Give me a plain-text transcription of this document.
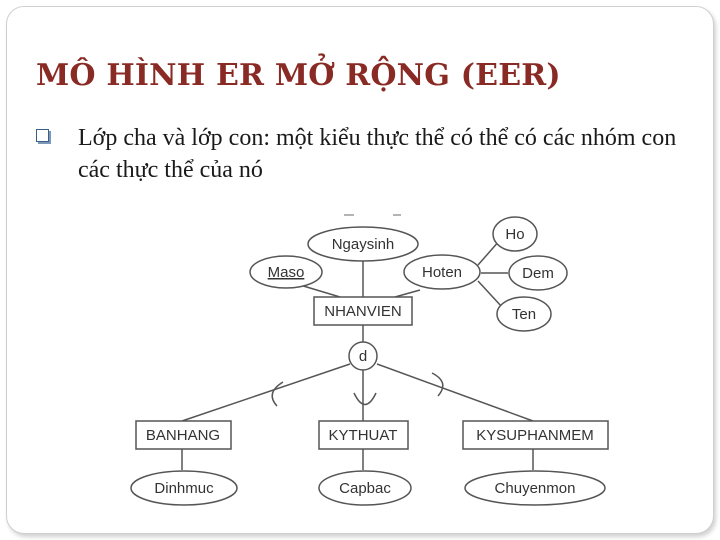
MÔ HÌNH ER MỞ RỘNG (EER)
Lớp cha và lớp con: một kiểu thực thể có thể có các nhóm con các thực thể của nó
Ngaysinh
Maso	Hoten
Ho
Dem
Ten
NHANVIEN
d
BANHANG	KYTHUAT	KYSUPHANMEM
Dinhmuc	Capbac	Chuyenmon
